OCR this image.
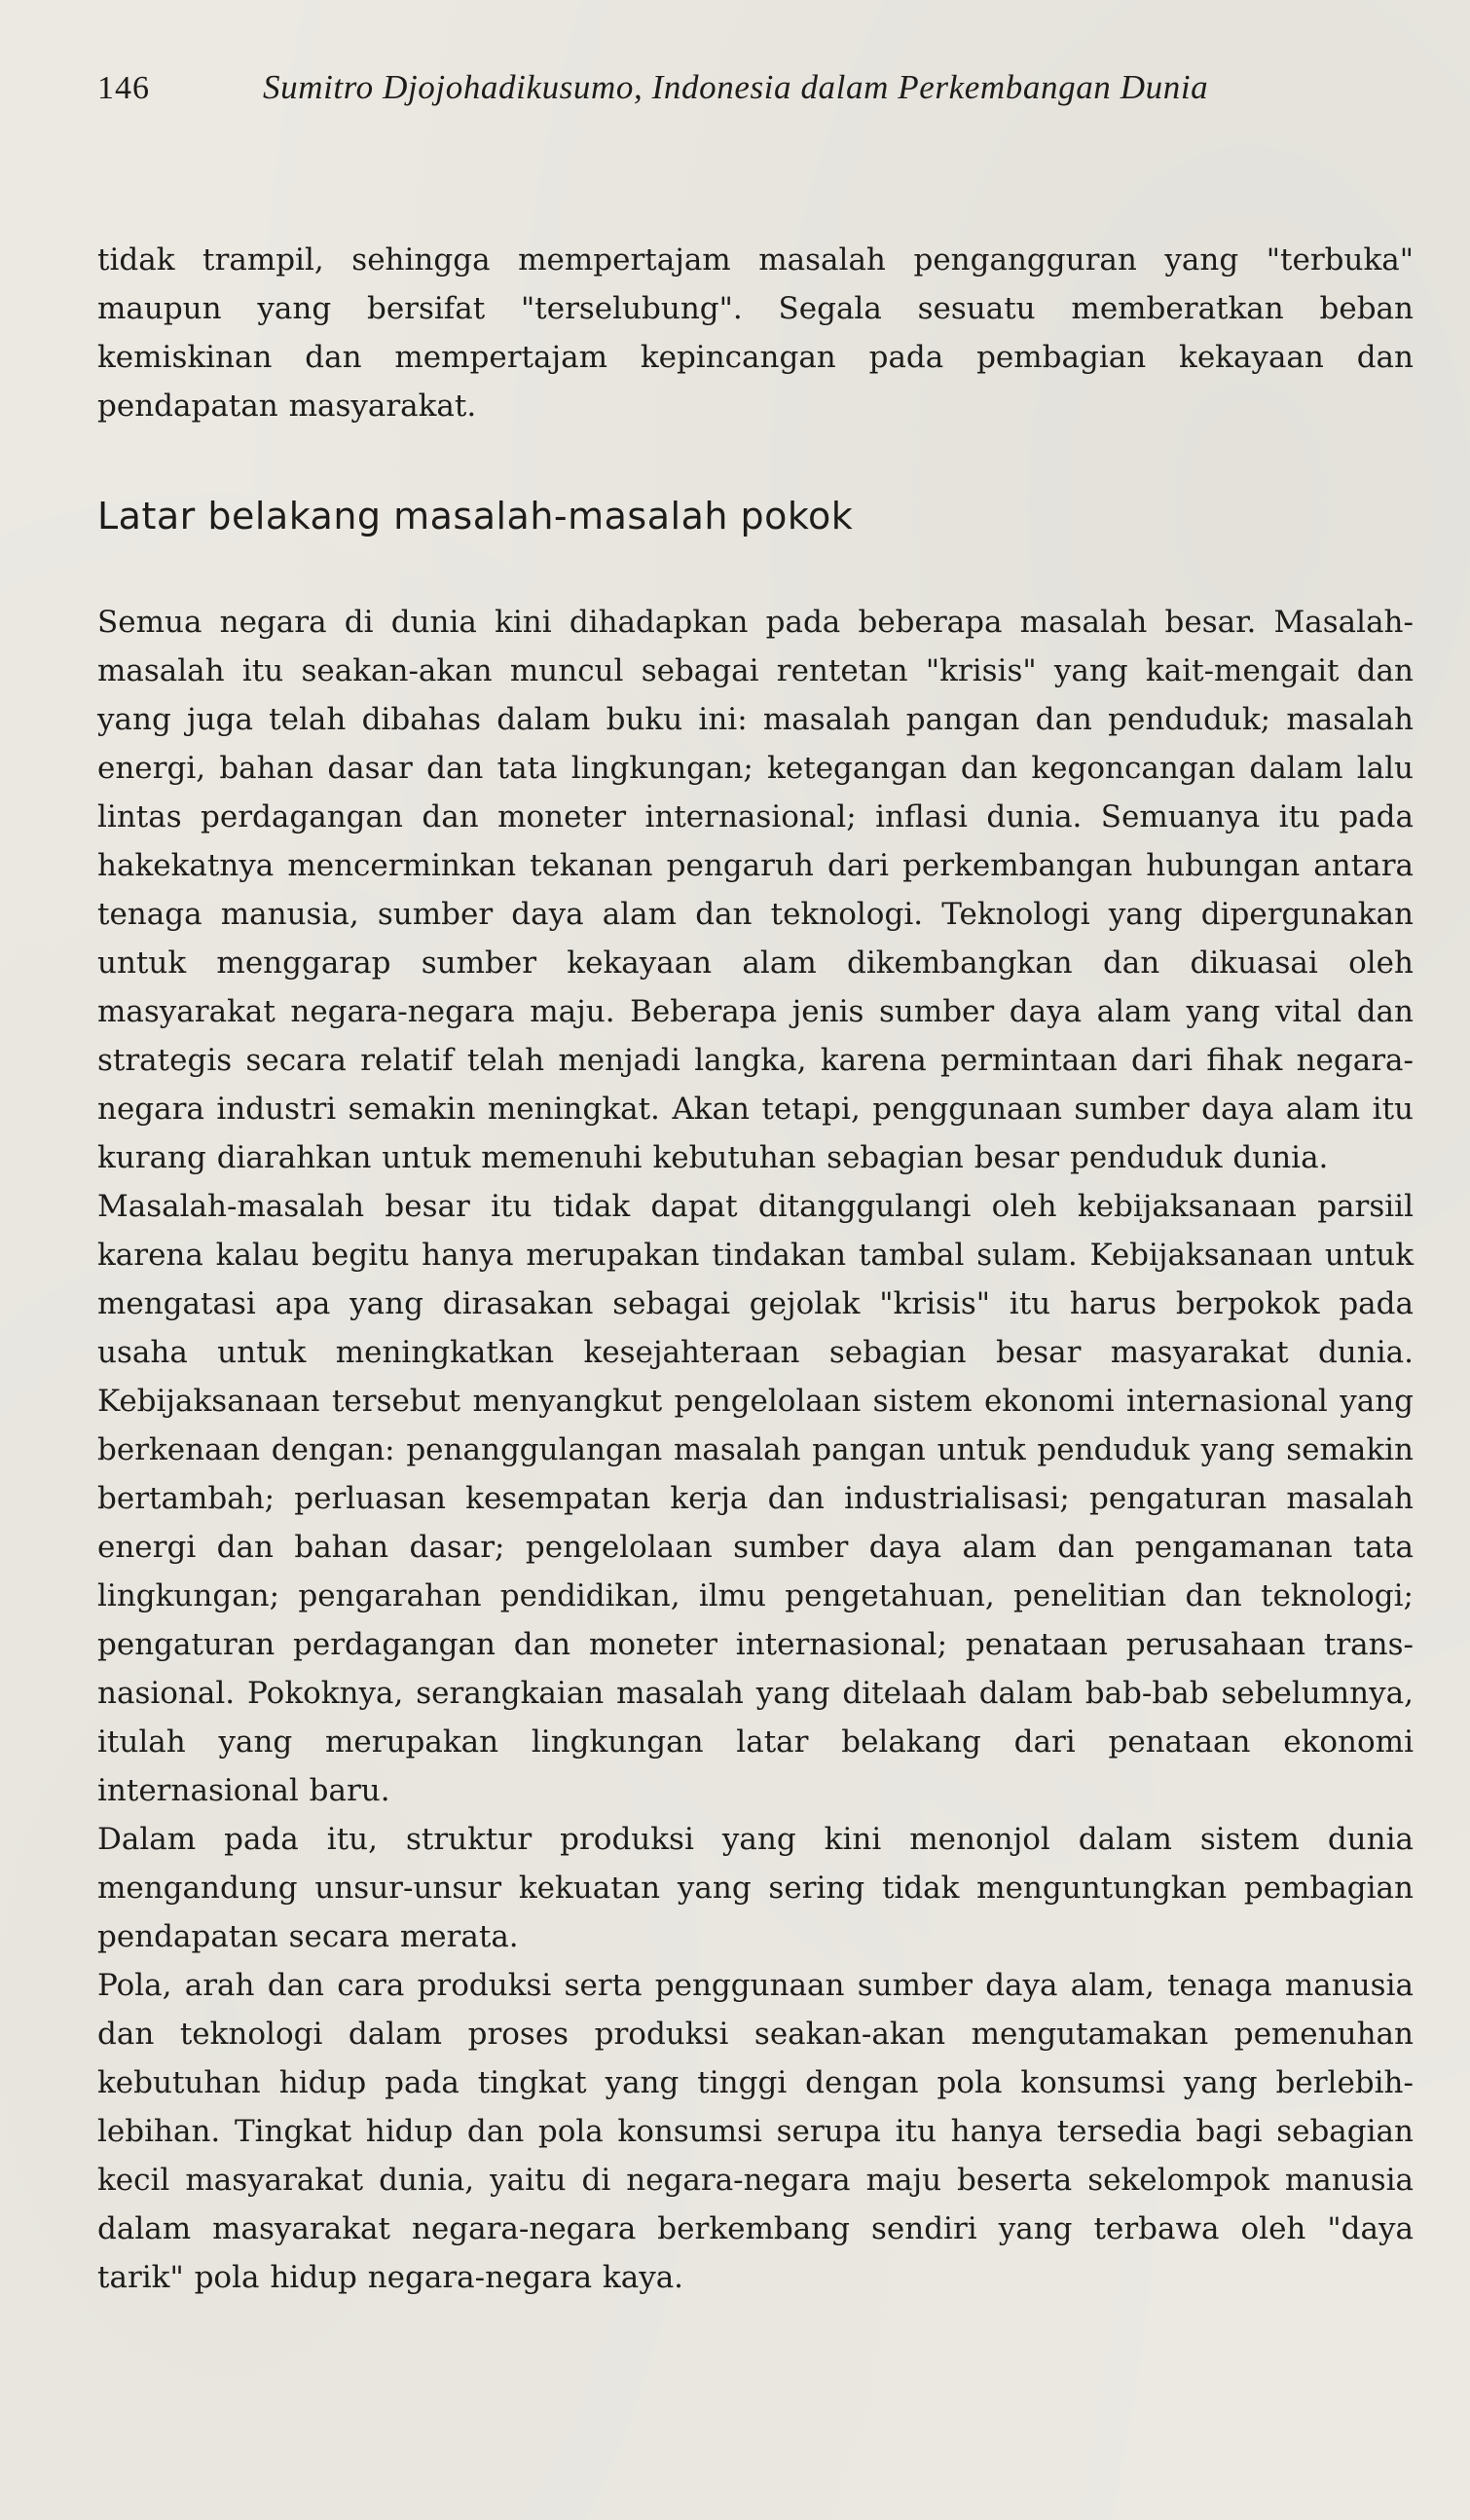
146	Sumitro Djojohadikusumo, Indonesia dalam Perkembangan Dunia

tidak trampil, sehingga mempertajam masalah pengangguran yang "terbuka" maupun yang bersifat "terselubung". Segala sesuatu memberatkan beban kemiskinan dan mempertajam kepincangan pada pembagian kekayaan dan pendapatan masyarakat.

Latar belakang masalah-masalah pokok

Semua negara di dunia kini dihadapkan pada beberapa masalah besar. Masalah-masalah itu seakan-akan muncul sebagai rentetan "krisis" yang kait-mengait dan yang juga telah dibahas dalam buku ini: masalah pangan dan penduduk; masalah energi, bahan dasar dan tata lingkungan; ketegangan dan kegoncangan dalam lalu lintas perdagangan dan moneter internasional; inflasi dunia. Semuanya itu pada hakekatnya mencerminkan tekanan pengaruh dari perkembangan hubungan antara tenaga manusia, sumber daya alam dan teknologi. Teknologi yang dipergunakan untuk menggarap sumber kekayaan alam dikembangkan dan dikuasai oleh masyarakat negara-negara maju. Beberapa jenis sumber daya alam yang vital dan strategis secara relatif telah menjadi langka, karena permintaan dari fihak negara-negara industri semakin meningkat. Akan tetapi, penggunaan sumber daya alam itu kurang diarahkan untuk memenuhi kebutuhan sebagian besar penduduk dunia.

Masalah-masalah besar itu tidak dapat ditanggulangi oleh kebijaksanaan parsiil karena kalau begitu hanya merupakan tindakan tambal sulam. Kebijaksanaan untuk mengatasi apa yang dirasakan sebagai gejolak "krisis" itu harus berpokok pada usaha untuk meningkatkan kesejahteraan sebagian besar masyarakat dunia. Kebijaksanaan tersebut menyangkut pengelolaan sistem ekonomi internasional yang berkenaan dengan: penanggulangan masalah pangan untuk penduduk yang semakin bertambah; perluasan kesempatan kerja dan industrialisasi; pengaturan masalah energi dan bahan dasar; pengelolaan sumber daya alam dan pengamanan tata lingkungan; pengarahan pendidikan, ilmu pengetahuan, penelitian dan teknologi; pengaturan perdagangan dan moneter internasional; penataan perusahaan trans-nasional. Pokoknya, serangkaian masalah yang ditelaah dalam bab-bab sebelumnya, itulah yang merupakan lingkungan latar belakang dari penataan ekonomi internasional baru.

Dalam pada itu, struktur produksi yang kini menonjol dalam sistem dunia mengandung unsur-unsur kekuatan yang sering tidak menguntungkan pembagian pendapatan secara merata.

Pola, arah dan cara produksi serta penggunaan sumber daya alam, tenaga manusia dan teknologi dalam proses produksi seakan-akan mengutamakan pemenuhan kebutuhan hidup pada tingkat yang tinggi dengan pola konsumsi yang berlebih-lebihan. Tingkat hidup dan pola konsumsi serupa itu hanya tersedia bagi sebagian kecil masyarakat dunia, yaitu di negara-negara maju beserta sekelompok manusia dalam masyarakat negara-negara berkembang sendiri yang terbawa oleh "daya tarik" pola hidup negara-negara kaya.
